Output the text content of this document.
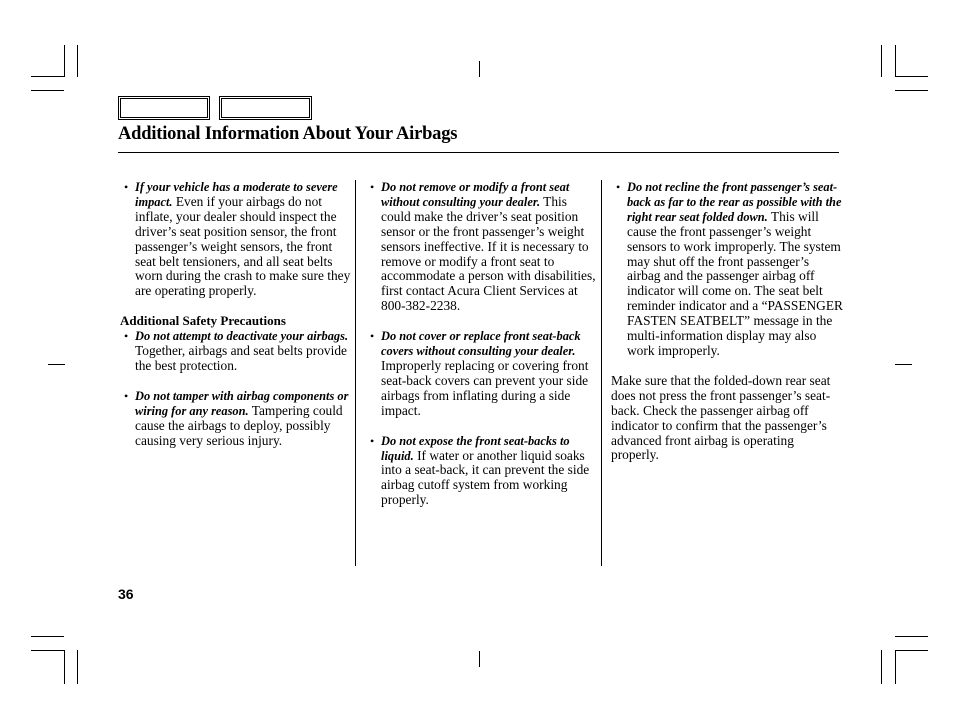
Additional Information About Your Airbags
• If your vehicle has a moderate to severe impact. Even if your airbags do not inflate, your dealer should inspect the driver’s seat position sensor, the front passenger’s weight sensors, the front seat belt tensioners, and all seat belts worn during the crash to make sure they are operating properly.
Additional Safety Precautions
• Do not attempt to deactivate your airbags. Together, airbags and seat belts provide the best protection.
• Do not tamper with airbag components or wiring for any reason. Tampering could cause the airbags to deploy, possibly causing very serious injury.
• Do not remove or modify a front seat without consulting your dealer. This could make the driver’s seat position sensor or the front passenger’s weight sensors ineffective. If it is necessary to remove or modify a front seat to accommodate a person with disabilities, first contact Acura Client Services at 800-382-2238.
• Do not cover or replace front seat-back covers without consulting your dealer. Improperly replacing or covering front seat-back covers can prevent your side airbags from inflating during a side impact.
• Do not expose the front seat-backs to liquid. If water or another liquid soaks into a seat-back, it can prevent the side airbag cutoff system from working properly.
• Do not recline the front passenger’s seat-back as far to the rear as possible with the right rear seat folded down. This will cause the front passenger’s weight sensors to work improperly. The system may shut off the front passenger’s airbag and the passenger airbag off indicator will come on. The seat belt reminder indicator and a “PASSENGER FASTEN SEATBELT” message in the multi-information display may also work improperly.

Make sure that the folded-down rear seat does not press the front passenger’s seat-back. Check the passenger airbag off indicator to confirm that the passenger’s advanced front airbag is operating properly.

36
